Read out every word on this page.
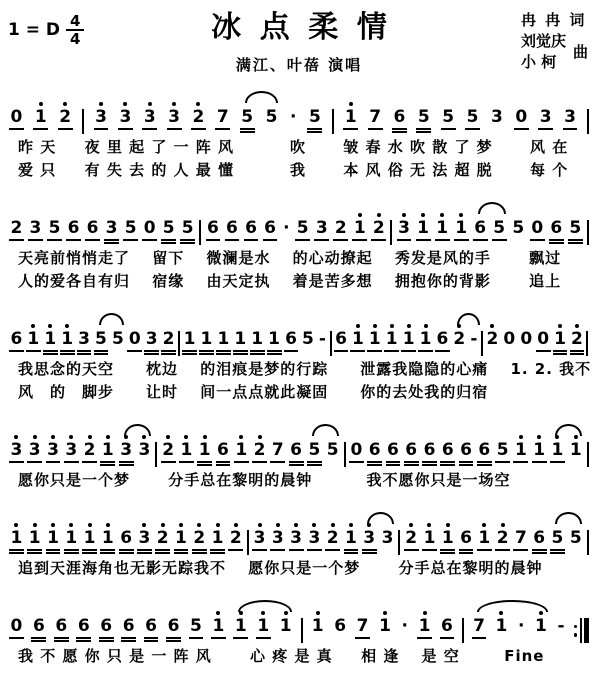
1 = D $\frac{4}{4}$	冰点柔情
满江、叶蓓 演唱
冉 冉 词
刘觉庆
小 柯
曲
0 1 2 3 3 3 3 2 7 5 5 · 5 1 7 6 5 5 5 3 0 3 3
昨 天　  夜 里 起 了 一 阵 风         吹      皱 春 水 吹 散 了 梦      风 在
爱 只　  有 失 去 的 人 最 懂         我      本 风 俗 无 法 超 脱      每 个
2 3 5 6 6 3 5 0 5 5 6 6 6 6 · 5 3 2 1 2 3 1 1 1 6 5 5 0 6 5
天亮前悄悄走了　 留下　 微澜是水　 的心动撩起　 秀发是风的手　　 飘过
人的爱各自有归　 宿缘　 由天定执　 着是苦多想　 拥抱你的背影　　 追上
6 1 1 1 3 5 5 0 3 2 1 1 1 1 1 1 6 5 - 6 1 1 1 1 1 6 2 - 2 0 0 0 1 2
我思念的天空　　枕边　 的泪痕是梦的行踪　　泄露我隐隐的心痛　 1. 2. 我不
风　的　脚步　　让时　 间一点点就此凝固　　你的去处我的归宿
3 3 3 3 2 1 3 3 2 1 1 6 1 2 7 6 5 5 0 6 6 6 6 6 6 6 5 1 1 1 1
愿你只是一个梦　　 分手总在黎明的晨钟　　　 我不愿你只是一场空
1 1 1 1 1 1 6 3 2 1 2 1 2 3 3 3 3 2 1 3 3 2 1 1 6 1 2 7 6 5 5
追到天涯海角也无影无踪我不　 愿你只是一个梦　　 分手总在黎明的晨钟
0 6 6 6 6 6 6 6 5 1 1 1 1 1 6 7 1 · 1 6 7 1 · 1 -
我 不 愿 你 只 是 一 阵 风　　 心 疼 是 真　  相 逢　 是 空　　  Fine
